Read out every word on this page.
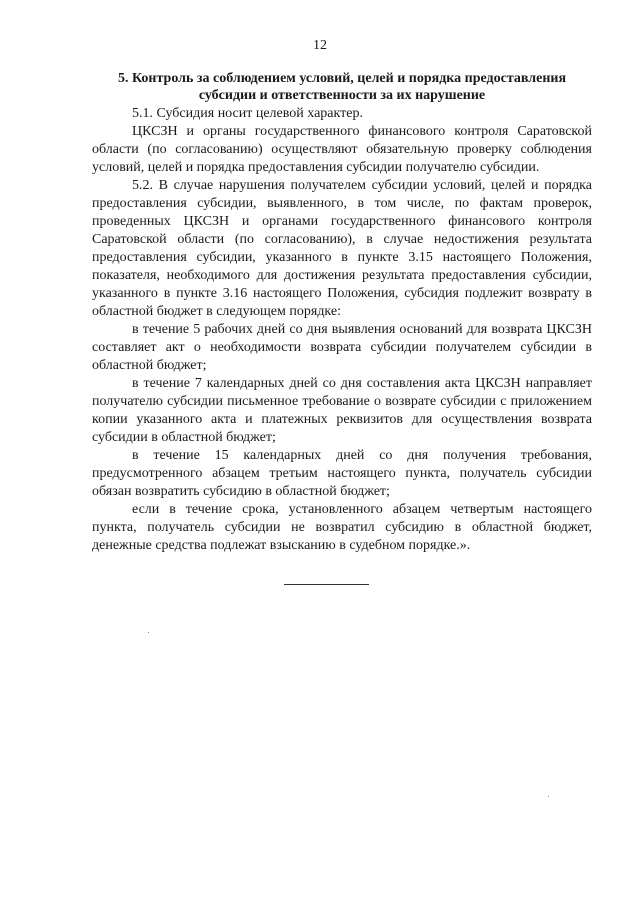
12
5. Контроль за соблюдением условий, целей и порядка предоставления субсидии и ответственности за их нарушение

5.1. Субсидия носит целевой характер.

ЦКСЗН и органы государственного финансового контроля Саратовской области (по согласованию) осуществляют обязательную проверку соблюдения условий, целей и порядка предоставления субсидии получателю субсидии.

5.2. В случае нарушения получателем субсидии условий, целей и порядка предоставления субсидии, выявленного, в том числе, по фактам проверок, проведенных ЦКСЗН и органами государственного финансового контроля Саратовской области (по согласованию), в случае недостижения результата предоставления субсидии, указанного в пункте 3.15 настоящего Положения, показателя, необходимого для достижения результата предоставления субсидии, указанного в пункте 3.16 настоящего Положения, субсидия подлежит возврату в областной бюджет в следующем порядке:

в течение 5 рабочих дней со дня выявления оснований для возврата ЦКСЗН составляет акт о необходимости возврата субсидии получателем субсидии в областной бюджет;

в течение 7 календарных дней со дня составления акта ЦКСЗН направляет получателю субсидии письменное требование о возврате субсидии с приложением копии указанного акта и платежных реквизитов для осуществления возврата субсидии в областной бюджет;

в течение 15 календарных дней со дня получения требования, предусмотренного абзацем третьим настоящего пункта, получатель субсидии обязан возвратить субсидию в областной бюджет;

если в течение срока, установленного абзацем четвертым настоящего пункта, получатель субсидии не возвратил субсидию в областной бюджет, денежные средства подлежат взысканию в судебном порядке.».
